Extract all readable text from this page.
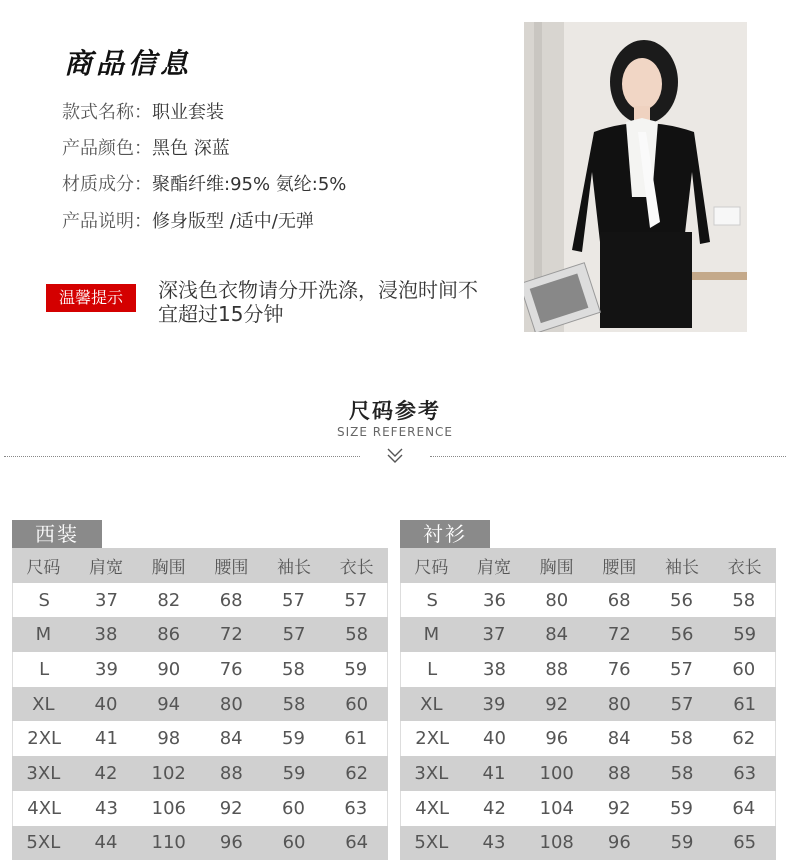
商品信息
款式名称：职业套装
产品颜色：黑色 深蓝
材质成分：聚酯纤维:95% 氨纶:5%
产品说明：修身版型 /适中/无弹
温馨提示	深浅色衣物请分开洗涤，浸泡时间不宜超过15分钟
尺码参考
SIZE REFERENCE
西装
尺码	肩宽	胸围	腰围	袖长	衣长
S	37	82	68	57	57
M	38	86	72	57	58
L	39	90	76	58	59
XL	40	94	80	58	60
2XL	41	98	84	59	61
3XL	42	102	88	59	62
4XL	43	106	92	60	63
5XL	44	110	96	60	64
衬衫
尺码	肩宽	胸围	腰围	袖长	衣长
S	36	80	68	56	58
M	37	84	72	56	59
L	38	88	76	57	60
XL	39	92	80	57	61
2XL	40	96	84	58	62
3XL	41	100	88	58	63
4XL	42	104	92	59	64
5XL	43	108	96	59	65
